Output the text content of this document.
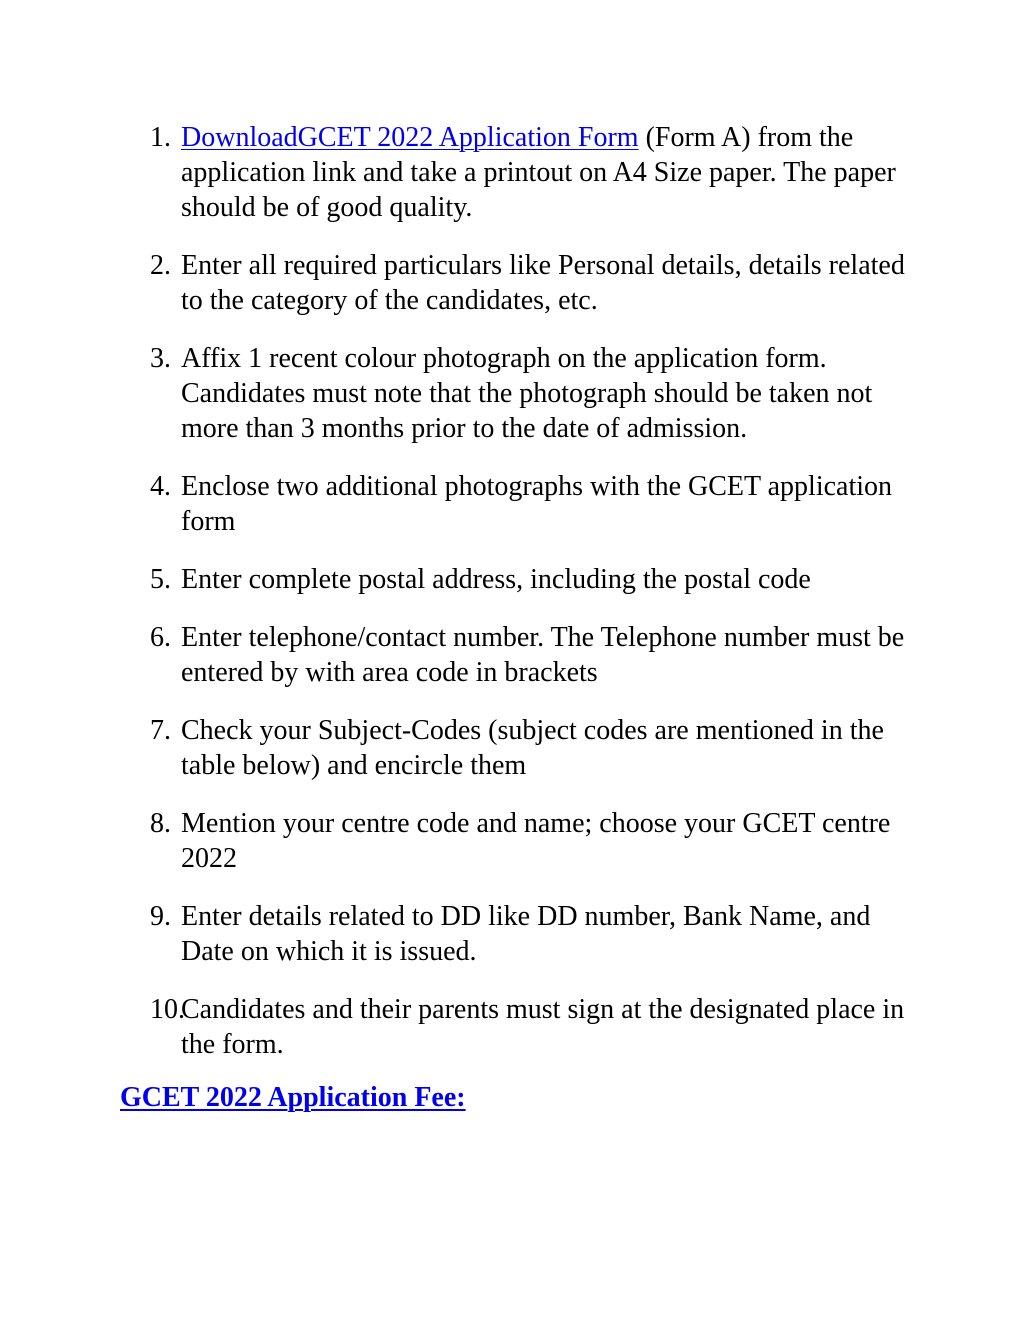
1. DownloadGCET 2022 Application Form (Form A) from the application link and take a printout on A4 Size paper. The paper should be of good quality.
2. Enter all required particulars like Personal details, details related to the category of the candidates, etc.
3. Affix 1 recent colour photograph on the application form. Candidates must note that the photograph should be taken not more than 3 months prior to the date of admission.
4. Enclose two additional photographs with the GCET application form
5. Enter complete postal address, including the postal code
6. Enter telephone/contact number. The Telephone number must be entered by with area code in brackets
7. Check your Subject-Codes (subject codes are mentioned in the table below) and encircle them
8. Mention your centre code and name; choose your GCET centre 2022
9. Enter details related to DD like DD number, Bank Name, and Date on which it is issued.
10.
Candidates and their parents must sign at the designated place in the form.
GCET 2022 Application Fee:
